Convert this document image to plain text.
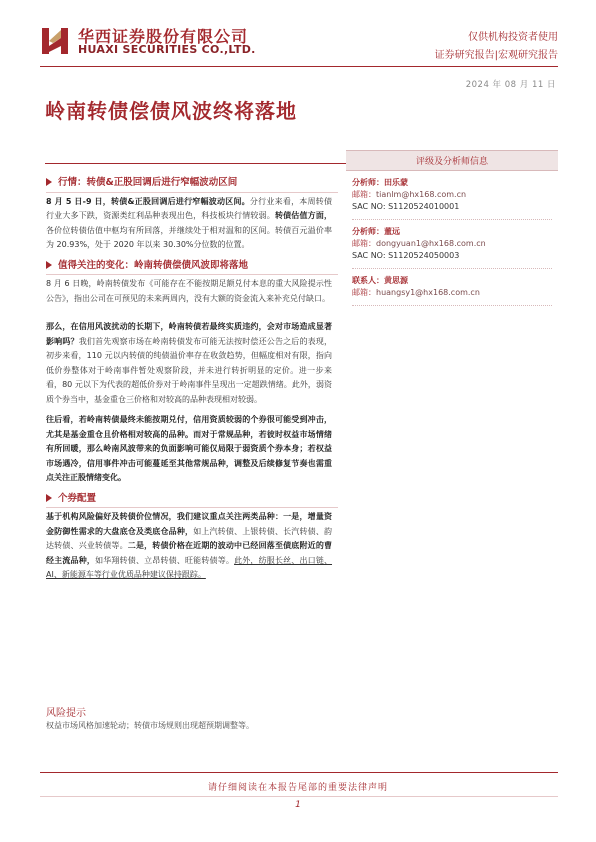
华西证券股份有限公司
HUAXI SECURITIES CO.,LTD.
仅供机构投资者使用
证券研究报告|宏观研究报告
2024 年 08 月 11 日
岭南转债偿债风波终将落地
行情：转债&正股回调后进行窄幅波动区间

8 月 5 日-9 日，转债&正股回调后进行窄幅波动区间。分行业来看，本周转债行业大多下跌，资源类红利品种表现出色，科技板块行情较弱。转债估值方面，各价位转债估值中枢均有所回落，并继续处于相对温和的区间。转债百元溢价率为 20.93%，处于 2020 年以来 30.30%分位数的位置。

值得关注的变化：岭南转债偿债风波即将落地

8 月 6 日晚，岭南转债发布《可能存在不能按期足额兑付本息的重大风险提示性公告》，指出公司在可预见的未来两周内，没有大额的资金流入来补充兑付缺口。

那么，在信用风波扰动的长期下，岭南转债若最终实质违约，会对市场造成显著影响吗？我们首先观察市场在岭南转债发布可能无法按时偿还公告之后的表现，初步来看，110 元以内转债的纯债溢价率存在收敛趋势，但幅度相对有限，指向低价券整体对于岭南事件暂处观察阶段，并未进行转折明显的定价。进一步来看，80 元以下为代表的超低价券对于岭南事件呈现出一定超跌情绪。此外，弱资质个券当中，基金重仓三价格和对较高的品种表现相对较弱。

往后看，若岭南转债最终未能按期兑付，信用资质较弱的个券很可能受到冲击，尤其是基金重仓且价格相对较高的品种。而对于常规品种，若彼时权益市场情绪有所回暖，那么岭南风波带来的负面影响可能仅局限于弱资质个券本身；若权益市场遇冷，信用事件冲击可能蔓延至其他常规品种，调整及后续修复节奏也需重点关注正股情绪变化。

个券配置

基于机构风险偏好及转债价位情况，我们建议重点关注两类品种：一是，增量资金防御性需求的大盘底仓及类底仓品种，如上汽转债、上银转债、长汽转债、韵达转债、兴业转债等。二是，转债价格在近期的波动中已经回落至债底附近的曹经主流品种，如华翔转债、立昂转债、旺能转债等。此外，纺服长丝、出口链、AI、新能源车等行业优质品种建议保持跟踪。

评级及分析师信息
分析师：田乐蒙
邮箱：tianlm@hx168.com.cn
SAC NO: S1120524010001
分析师：董远
邮箱：dongyuan1@hx168.com.cn
SAC NO: S1120524050003
联系人：黄思源
邮箱：huangsy1@hx168.com.cn
风险提示
权益市场风格加速轮动；转债市场规则出现超预期调整等。
请仔细阅读在本报告尾部的重要法律声明
1
